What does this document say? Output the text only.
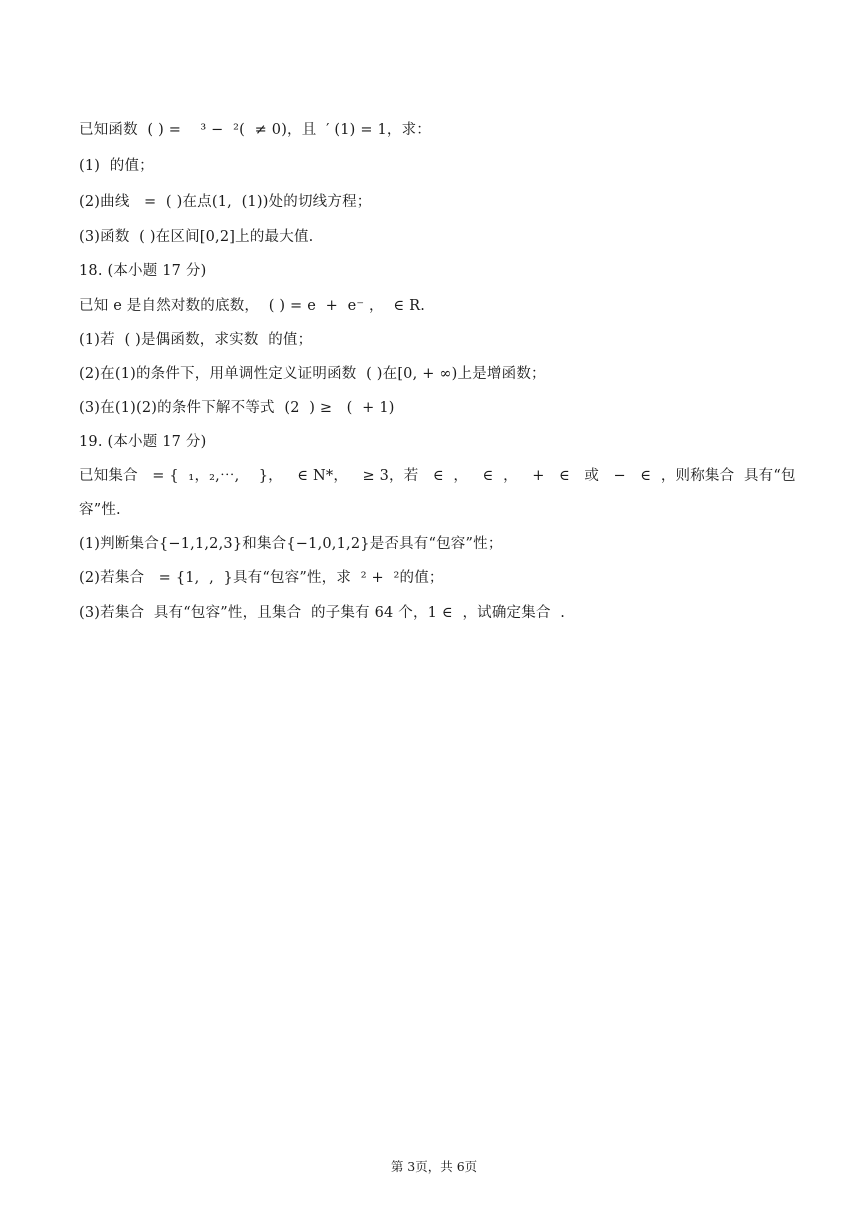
已知函数  ( ) =    ³ −  ²(  ≠ 0)，且  ′ (1) = 1，求：
(1)  的值；
(2)曲线   =  ( )在点(1,  (1))处的切线方程；
(3)函数  ( )在区间[0,2]上的最大值.
18. (本小题 17 分)
已知 e 是自然对数的底数，  ( ) = e  +  e⁻ ，  ∈ R.
(1)若  ( )是偶函数，求实数  的值；
(2)在(1)的条件下，用单调性定义证明函数  ( )在[0, + ∞)上是增函数；
(3)在(1)(2)的条件下解不等式  (2  ) ≥   (  + 1)
19. (本小题 17 分)
已知集合   = {  ₁，₂,⋯,    }，   ∈ N*，   ≥ 3，若   ∈  ，   ∈  ，   +   ∈   或   −   ∈  ，则称集合  具有“包
容”性.
(1)判断集合{−1,1,2,3}和集合{−1,0,1,2}是否具有“包容”性；
(2)若集合   = {1,  ,  }具有“包容”性，求  ² +  ²的值；
(3)若集合  具有“包容”性，且集合  的子集有 64 个，1 ∈  ，试确定集合  .
第 3页，共 6页
